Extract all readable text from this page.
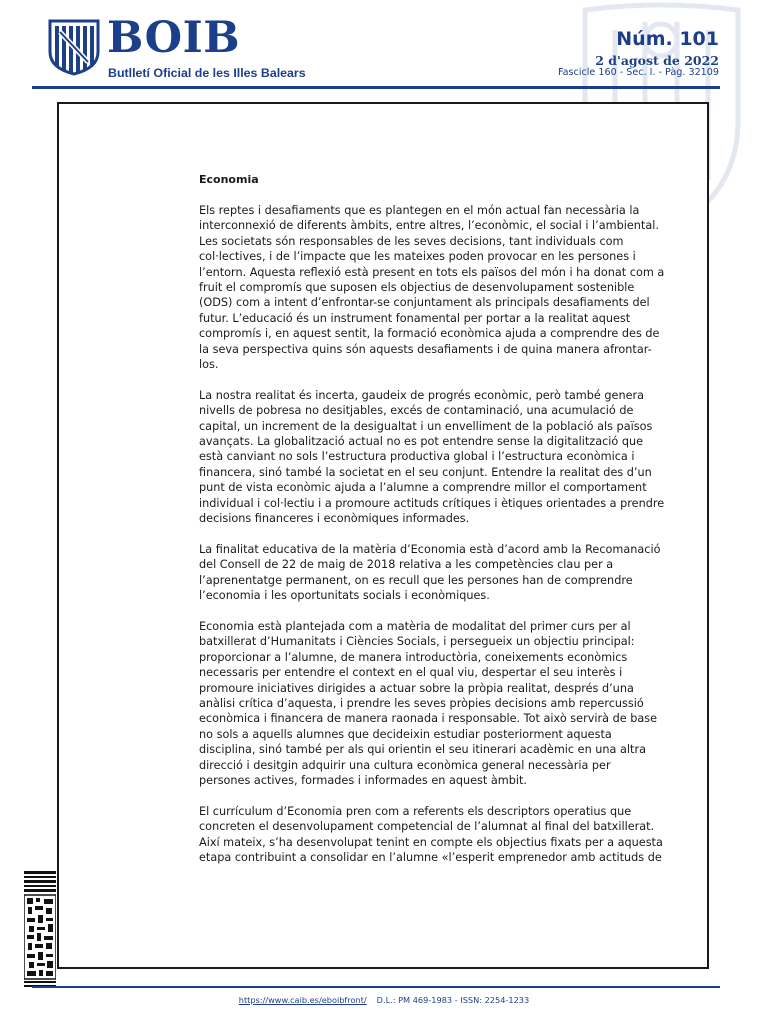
BOIB
Butlletí Oficial de les Illes Balears
Núm. 101
2 d'agost de 2022
Fascicle 160 - Sec. I. - Pàg. 32109
Economia

Els reptes i desafiaments que es plantegen en el món actual fan necessària la
interconnexió de diferents àmbits, entre altres, l’econòmic, el social i l’ambiental.
Les societats són responsables de les seves decisions, tant individuals com
col·lectives, i de l’impacte que les mateixes poden provocar en les persones i
l’entorn. Aquesta reflexió està present en tots els països del món i ha donat com a
fruit el compromís que suposen els objectius de desenvolupament sostenible
(ODS) com a intent d’enfrontar-se conjuntament als principals desafiaments del
futur. L’educació és un instrument fonamental per portar a la realitat aquest
compromís i, en aquest sentit, la formació econòmica ajuda a comprendre des de
la seva perspectiva quins són aquests desafiaments i de quina manera afrontar-
los.

La nostra realitat és incerta, gaudeix de progrés econòmic, però també genera
nivells de pobresa no desitjables, excés de contaminació, una acumulació de
capital, un increment de la desigualtat i un envelliment de la població als països
avançats. La globalització actual no es pot entendre sense la digitalització que
està canviant no sols l’estructura productiva global i l’estructura econòmica i
financera, sinó també la societat en el seu conjunt. Entendre la realitat des d’un
punt de vista econòmic ajuda a l’alumne a comprendre millor el comportament
individual i col·lectiu i a promoure actituds crítiques i ètiques orientades a prendre
decisions financeres i econòmiques informades.

La finalitat educativa de la matèria d’Economia està d’acord amb la Recomanació
del Consell de 22 de maig de 2018 relativa a les competències clau per a
l’aprenentatge permanent, on es recull que les persones han de comprendre
l’economia i les oportunitats socials i econòmiques.

Economia està plantejada com a matèria de modalitat del primer curs per al
batxillerat d’Humanitats i Ciències Socials, i persegueix un objectiu principal:
proporcionar a l’alumne, de manera introductòria, coneixements econòmics
necessaris per entendre el context en el qual viu, despertar el seu interès i
promoure iniciatives dirigides a actuar sobre la pròpia realitat, després d’una
anàlisi crítica d’aquesta, i prendre les seves pròpies decisions amb repercussió
econòmica i financera de manera raonada i responsable. Tot això servirà de base
no sols a aquells alumnes que decideixin estudiar posteriorment aquesta
disciplina, sinó també per als qui orientin el seu itinerari acadèmic en una altra
direcció i desitgin adquirir una cultura econòmica general necessària per
persones actives, formades i informades en aquest àmbit.

El currículum d’Economia pren com a referents els descriptors operatius que
concreten el desenvolupament competencial de l’alumnat al final del batxillerat.
Així mateix, s’ha desenvolupat tenint en compte els objectius fixats per a aquesta
etapa contribuint a consolidar en l’alumne «l’esperit emprenedor amb actituds de

https://www.caib.es/eboibfront/ D.L.: PM 469-1983 - ISSN: 2254-1233
